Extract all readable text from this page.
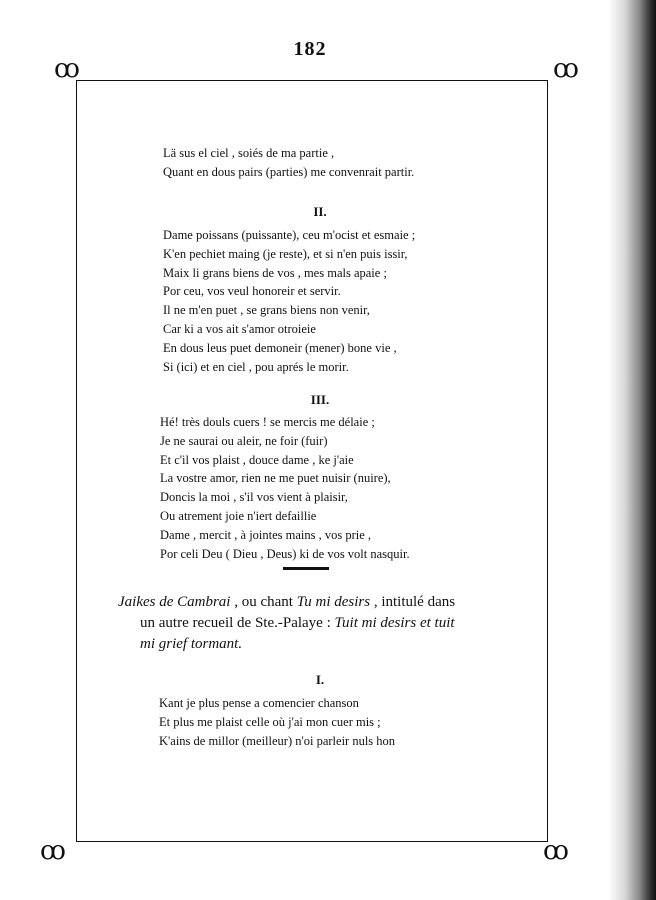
182
ꝏ	ꝏ
ꝏ	ꝏ
Lä sus el ciel , soiés de ma partie ,
Quant en dous pairs (parties) me convenrait partir.
II.
Dame poissans (puissante), ceu m'ocist et esmaie ;
K'en pechiet maing (je reste), et si n'en puis issir,
Maix li grans biens de vos , mes mals apaie ;
Por ceu, vos veul honoreir et servir.
Il ne m'en puet , se grans biens non venir,
Car ki a vos ait s'amor otroieie
En dous leus puet demoneir (mener) bone vie ,
Si (ici) et en ciel , pou aprés le morir.
III.
Hé! très douls cuers ! se mercis me délaie ;
Je ne saurai ou aleir, ne foir (fuir)
Et c'il vos plaist , douce dame , ke j'aie
La vostre amor, rien ne me puet nuisir (nuire),
Doncis la moi , s'il vos vient à plaisir,
Ou atrement joie n'iert defaillie
Dame , mercit , à jointes mains , vos prie ,
Por celi Deu ( Dieu , Deus) ki de vos volt nasquir.
Jaikes de Cambrai , ou chant Tu mi desirs , intitulé dans
un autre recueil de Ste.-Palaye : Tuit mi desirs et tuit
mi grief tormant.
I.
Kant je plus pense a comencier chanson
Et plus me plaist celle où j'ai mon cuer mis ;
K'ains de millor (meilleur) n'oi parleir nuls hon
